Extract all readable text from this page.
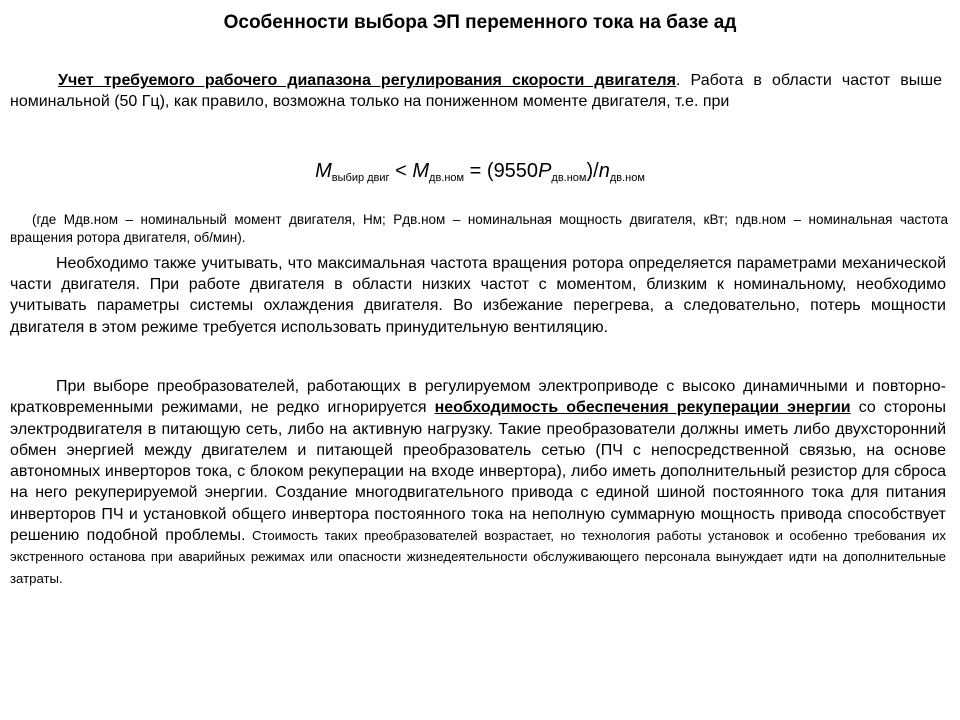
Особенности выбора ЭП переменного тока на базе ад

Учет требуемого рабочего диапазона регулирования скорости двигателя. Работа в области частот выше номинальной (50 Гц), как правило, возможна только на пониженном моменте двигателя, т.е. при

$M_{выбир двиг} < M_{дв.ном} = (9550P_{дв.ном})/n_{дв.ном}$

(где Mдв.ном – номинальный момент двигателя, Нм; Pдв.ном – номинальная мощность двигателя, кВт; nдв.ном – номинальная частота вращения ротора двигателя, об/мин).

Необходимо также учитывать, что максимальная частота вращения ротора определяется параметрами механической части двигателя. При работе двигателя в области низких частот с моментом, близким к номинальному, необходимо учитывать параметры системы охлаждения двигателя. Во избежание перегрева, а следовательно, потерь мощности двигателя в этом режиме требуется использовать принудительную вентиляцию.

При выборе преобразователей, работающих в регулируемом электроприводе с высоко динамичными и повторно-кратковременными режимами, не редко игнорируется необходимость обеспечения рекуперации энергии со стороны электродвигателя в питающую сеть, либо на активную нагрузку. Такие преобразователи должны иметь либо двухсторонний обмен энергией между двигателем и питающей преобразователь сетью (ПЧ с непосредственной связью, на основе автономных инверторов тока, с блоком рекуперации на входе инвертора), либо иметь дополнительный резистор для сброса на него рекуперируемой энергии. Создание многодвигательного привода с единой шиной постоянного тока для питания инверторов ПЧ и установкой общего инвертора постоянного тока на неполную суммарную мощность привода способствует решению подобной проблемы. Стоимость таких преобразователей возрастает, но технология работы установок и особенно требования их экстренного останова при аварийных режимах или опасности жизнедеятельности обслуживающего персонала вынуждает идти на дополнительные затраты.
